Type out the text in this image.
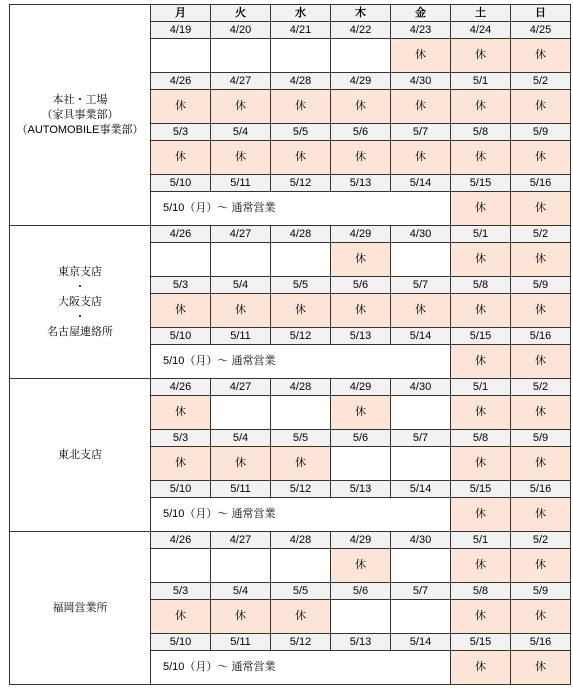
本社・工場
（家具事業部）
（AUTOMOBILE事業部）	月	火	水	木	金	土	日
	4/19	4/20	4/21	4/22	4/23	4/24	4/25
					休	休	休
	4/26	4/27	4/28	4/29	4/30	5/1	5/2
	休	休	休	休	休	休	休
	5/3	5/4	5/5	5/6	5/7	5/8	5/9
	休	休	休	休	休	休	休
	5/10	5/11	5/12	5/13	5/14	5/15	5/16
	5/10（月）～ 通常営業					休	休

東京支店
・
大阪支店
・
名古屋連絡所	4/26	4/27	4/28	4/29	4/30	5/1	5/2
				休		休	休
	5/3	5/4	5/5	5/6	5/7	5/8	5/9
	休	休	休	休	休	休	休
	5/10	5/11	5/12	5/13	5/14	5/15	5/16
	5/10（月）～ 通常営業					休	休

東北支店	4/26	4/27	4/28	4/29	4/30	5/1	5/2
	休			休		休	休
	5/3	5/4	5/5	5/6	5/7	5/8	5/9
	休	休	休			休	休
	5/10	5/11	5/12	5/13	5/14	5/15	5/16
	5/10（月）～ 通常営業					休	休

福岡営業所	4/26	4/27	4/28	4/29	4/30	5/1	5/2
				休		休	休
	5/3	5/4	5/5	5/6	5/7	5/8	5/9
	休	休	休			休	休
	5/10	5/11	5/12	5/13	5/14	5/15	5/16
	5/10（月）～ 通常営業					休	休
